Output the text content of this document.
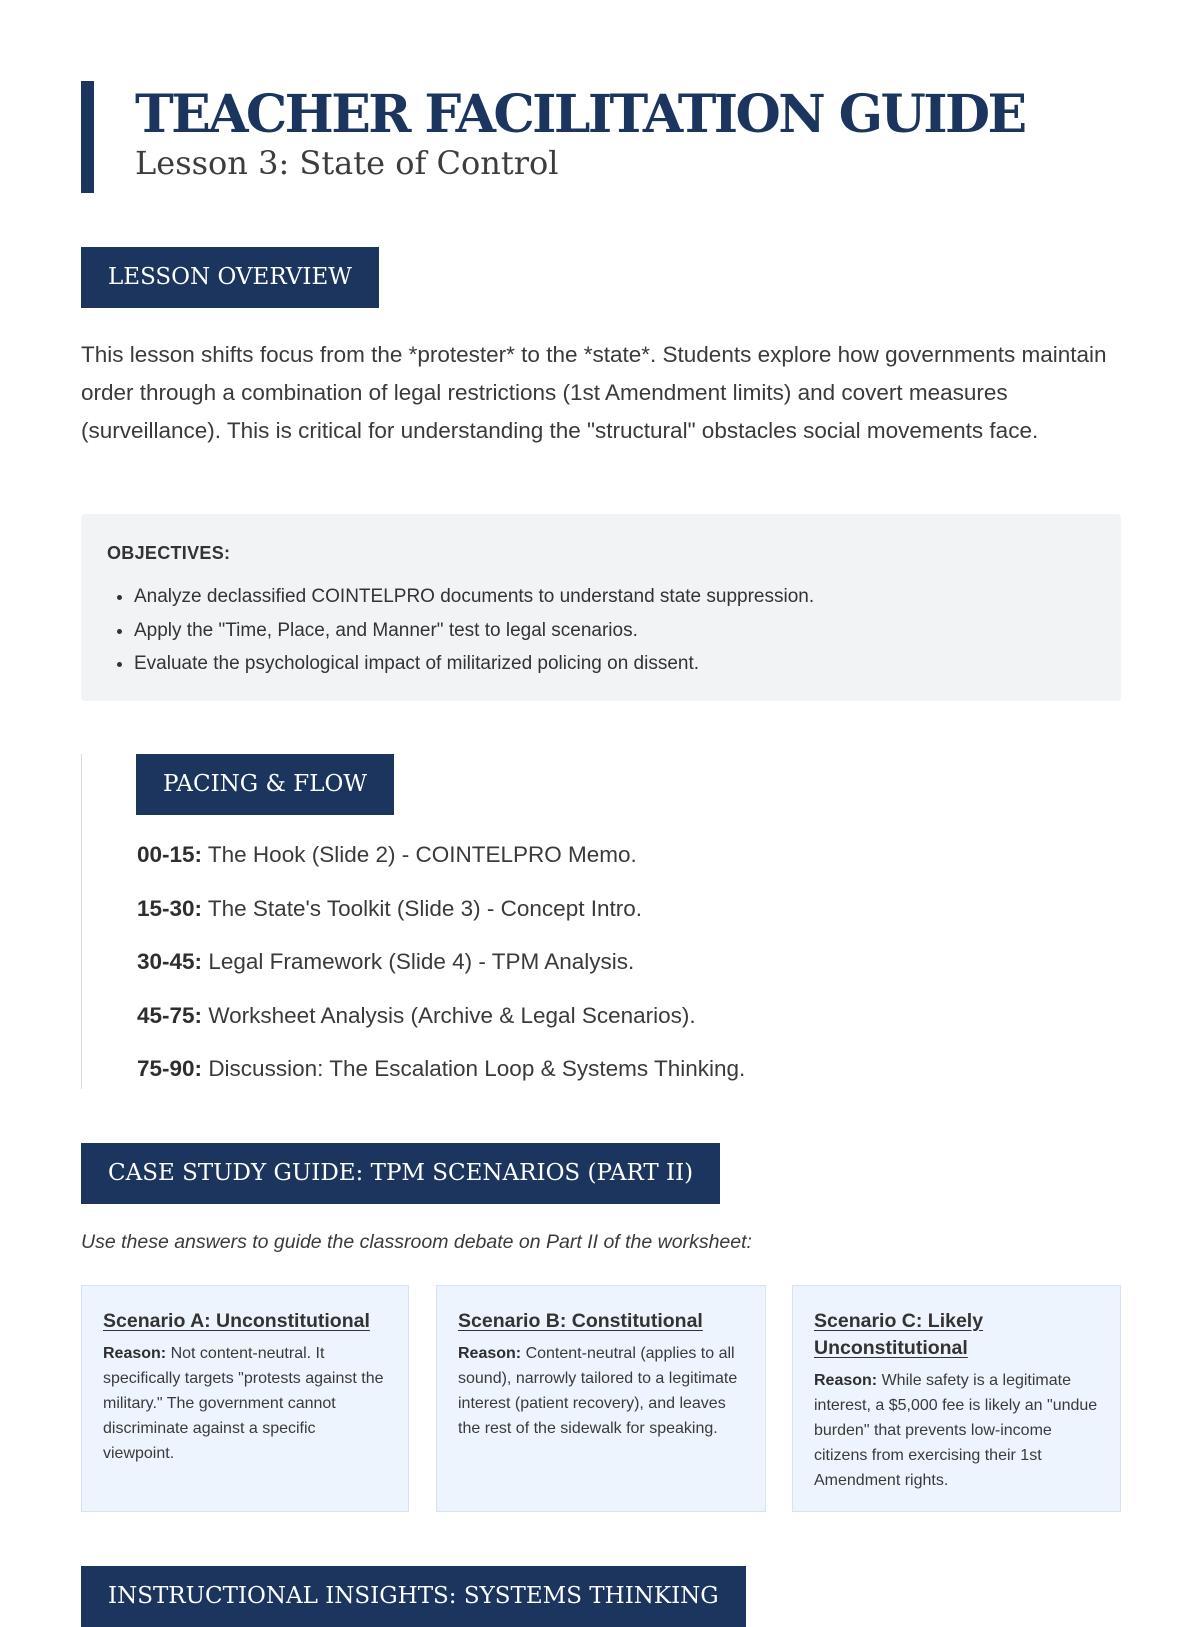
TEACHER FACILITATION GUIDE
Lesson 3: State of Control
LESSON OVERVIEW

This lesson shifts focus from the *protester* to the *state*. Students explore how governments maintain order through a combination of legal restrictions (1st Amendment limits) and covert measures (surveillance). This is critical for understanding the "structural" obstacles social movements face.

OBJECTIVES:

• Analyze declassified COINTELPRO documents to understand state suppression.
• Apply the "Time, Place, and Manner" test to legal scenarios.
• Evaluate the psychological impact of militarized policing on dissent.
PACING & FLOW
00-15: The Hook (Slide 2) - COINTELPRO Memo.
15-30: The State's Toolkit (Slide 3) - Concept Intro.
30-45: Legal Framework (Slide 4) - TPM Analysis.
45-75: Worksheet Analysis (Archive & Legal Scenarios).
75-90: Discussion: The Escalation Loop & Systems Thinking.
CASE STUDY GUIDE: TPM SCENARIOS (PART II)

Use these answers to guide the classroom debate on Part II of the worksheet:

Scenario A: Unconstitutional

Reason: Not content-neutral. It specifically targets "protests against the military." The government cannot discriminate against a specific viewpoint.

Scenario B: Constitutional

Reason: Content-neutral (applies to all sound), narrowly tailored to a legitimate interest (patient recovery), and leaves the rest of the sidewalk for speaking.

Scenario C: Likely Unconstitutional

Reason: While safety is a legitimate interest, a $5,000 fee is likely an "undue burden" that prevents low-income citizens from exercising their 1st Amendment rights.

INSTRUCTIONAL INSIGHTS: SYSTEMS THINKING
